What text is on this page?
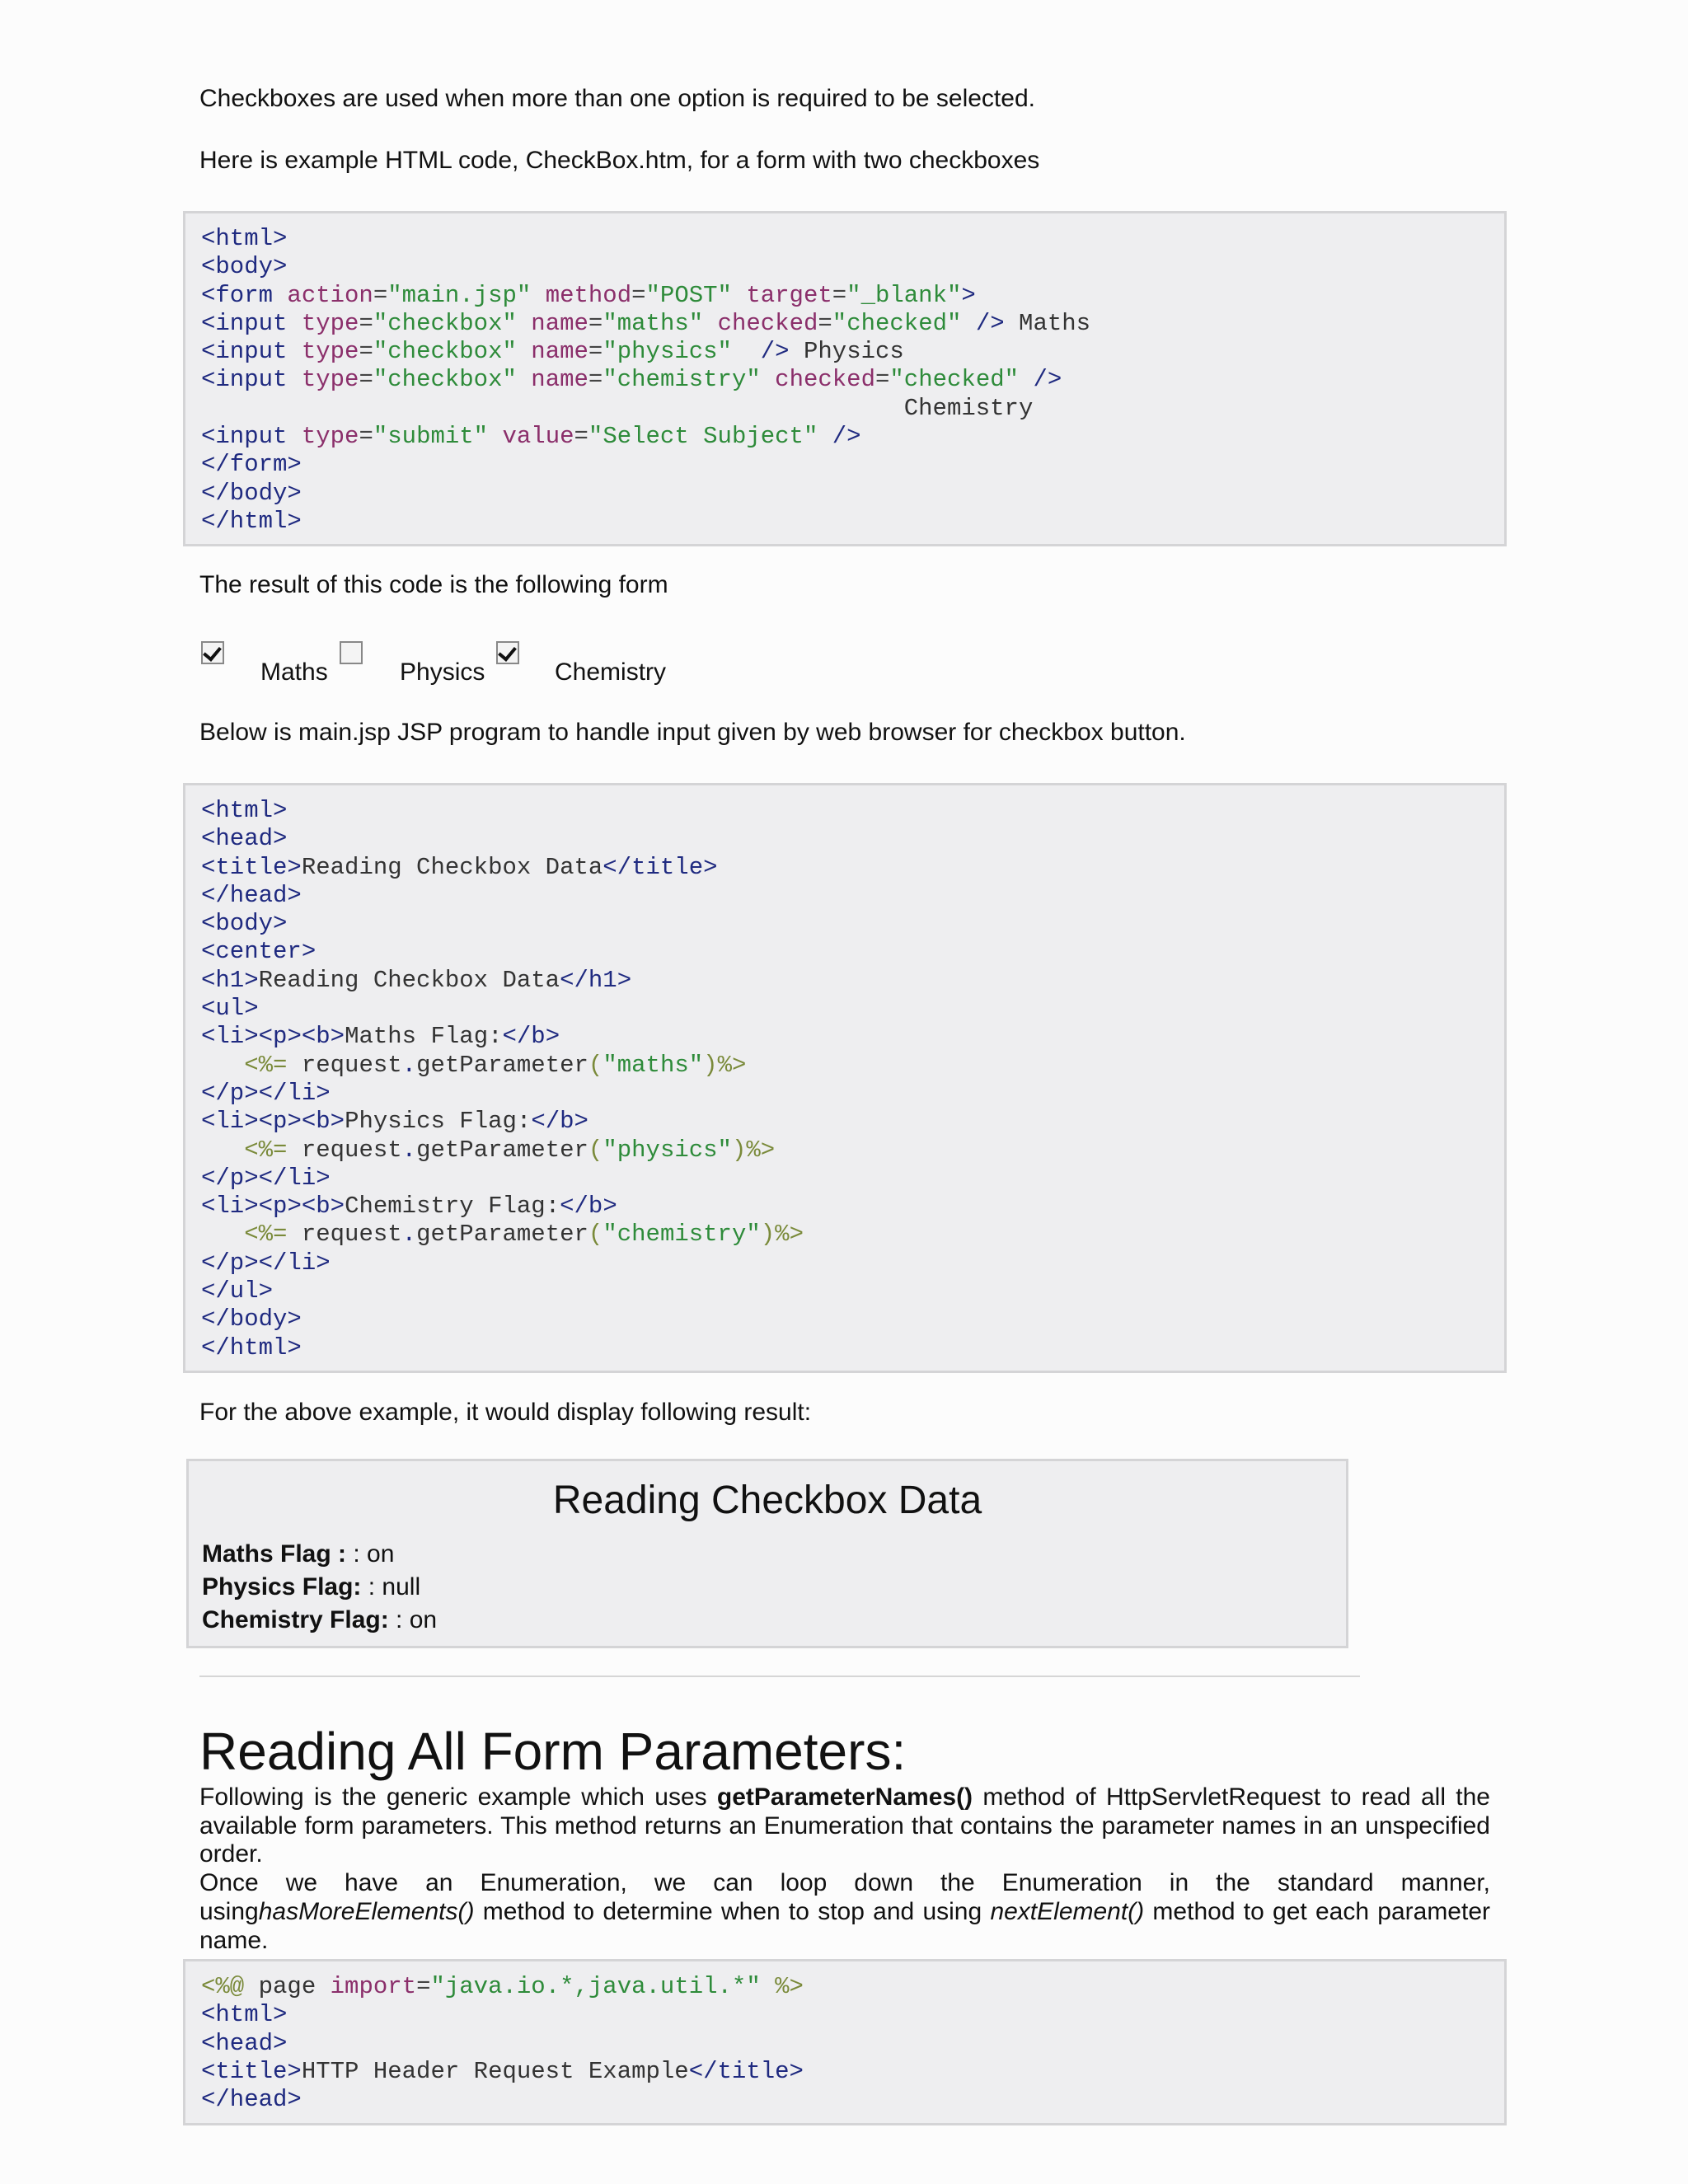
Checkboxes are used when more than one option is required to be selected.

Here is example HTML code, CheckBox.htm, for a form with two checkboxes

<html>
<body>
<form action="main.jsp" method="POST" target="_blank">
<input type="checkbox" name="maths" checked="checked" /> Maths
<input type="checkbox" name="physics" /> Physics
<input type="checkbox" name="chemistry" checked="checked" />
Chemistry
<input type="submit" value="Select Subject" />
</form>
</body>
</html>

The result of this code is the following form

Maths	Physics	Chemistry

Below is main.jsp JSP program to handle input given by web browser for checkbox button.

<html>
<head>
<title>Reading Checkbox Data</title>
</head>
<body>
<center>
<h1>Reading Checkbox Data</h1>
<ul>
<li><p><b>Maths Flag:</b>
<%= request.getParameter("maths")%>
</p></li>
<li><p><b>Physics Flag:</b>
<%= request.getParameter("physics")%>
</p></li>
<li><p><b>Chemistry Flag:</b>
<%= request.getParameter("chemistry")%>
</p></li>
</ul>
</body>
</html>

For the above example, it would display following result:

Reading Checkbox Data
Maths Flag : : on
Physics Flag: : null
Chemistry Flag: : on
Reading All Form Parameters:

Following is the generic example which uses getParameterNames() method of HttpServletRequest to read all the available form parameters. This method returns an Enumeration that contains the parameter names in an unspecified order.

Once we have an Enumeration, we can loop down the Enumeration in the standard manner,

usinghasMoreElements() method to determine when to stop and using nextElement() method to get each parameter name.

<%@ page import="java.io.*,java.util.*" %>
<html>
<head>
<title>HTTP Header Request Example</title>
</head>
